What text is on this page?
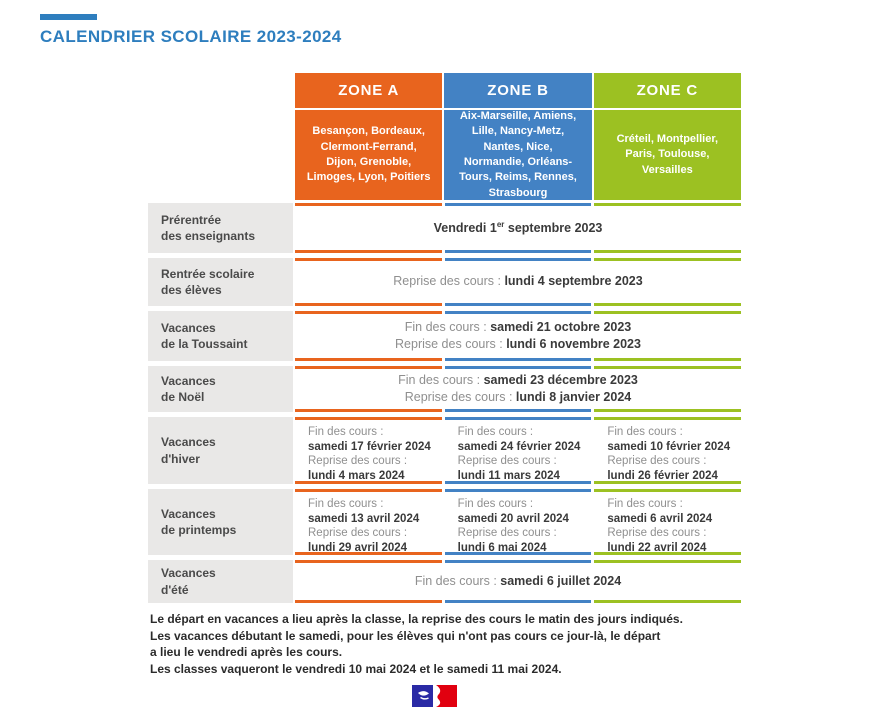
CALENDRIER SCOLAIRE 2023-2024
ZONE A	ZONE B	ZONE C
Besançon, Bordeaux, Clermont-Ferrand, Dijon, Grenoble, Limoges, Lyon, Poitiers
Aix-Marseille, Amiens, Lille, Nancy-Metz, Nantes, Nice, Normandie, Orléans-Tours, Reims, Rennes, Strasbourg
Créteil, Montpellier, Paris, Toulouse, Versailles
Prérentrée
des enseignants
Vendredi 1er septembre 2023
Rentrée scolaire
des élèves
Reprise des cours : lundi 4 septembre 2023
Vacances
de la Toussaint
Fin des cours : samedi 21 octobre 2023
Reprise des cours : lundi 6 novembre 2023
Vacances
de Noël
Fin des cours : samedi 23 décembre 2023
Reprise des cours : lundi 8 janvier 2024
Vacances
d'hiver
Fin des cours :
samedi 17 février 2024
Reprise des cours :
lundi 4 mars 2024
Fin des cours :
samedi 24 février 2024
Reprise des cours :
lundi 11 mars 2024
Fin des cours :
samedi 10 février 2024
Reprise des cours :
lundi 26 février 2024
Vacances
de printemps
Fin des cours :
samedi 13 avril 2024
Reprise des cours :
lundi 29 avril 2024
Fin des cours :
samedi 20 avril 2024
Reprise des cours :
lundi 6 mai 2024
Fin des cours :
samedi 6 avril 2024
Reprise des cours :
lundi 22 avril 2024
Vacances
d'été
Fin des cours : samedi 6 juillet 2024
Le départ en vacances a lieu après la classe, la reprise des cours le matin des jours indiqués.
Les vacances débutant le samedi, pour les élèves qui n'ont pas cours ce jour-là, le départ
a lieu le vendredi après les cours.
Les classes vaqueront le vendredi 10 mai 2024 et le samedi 11 mai 2024.
